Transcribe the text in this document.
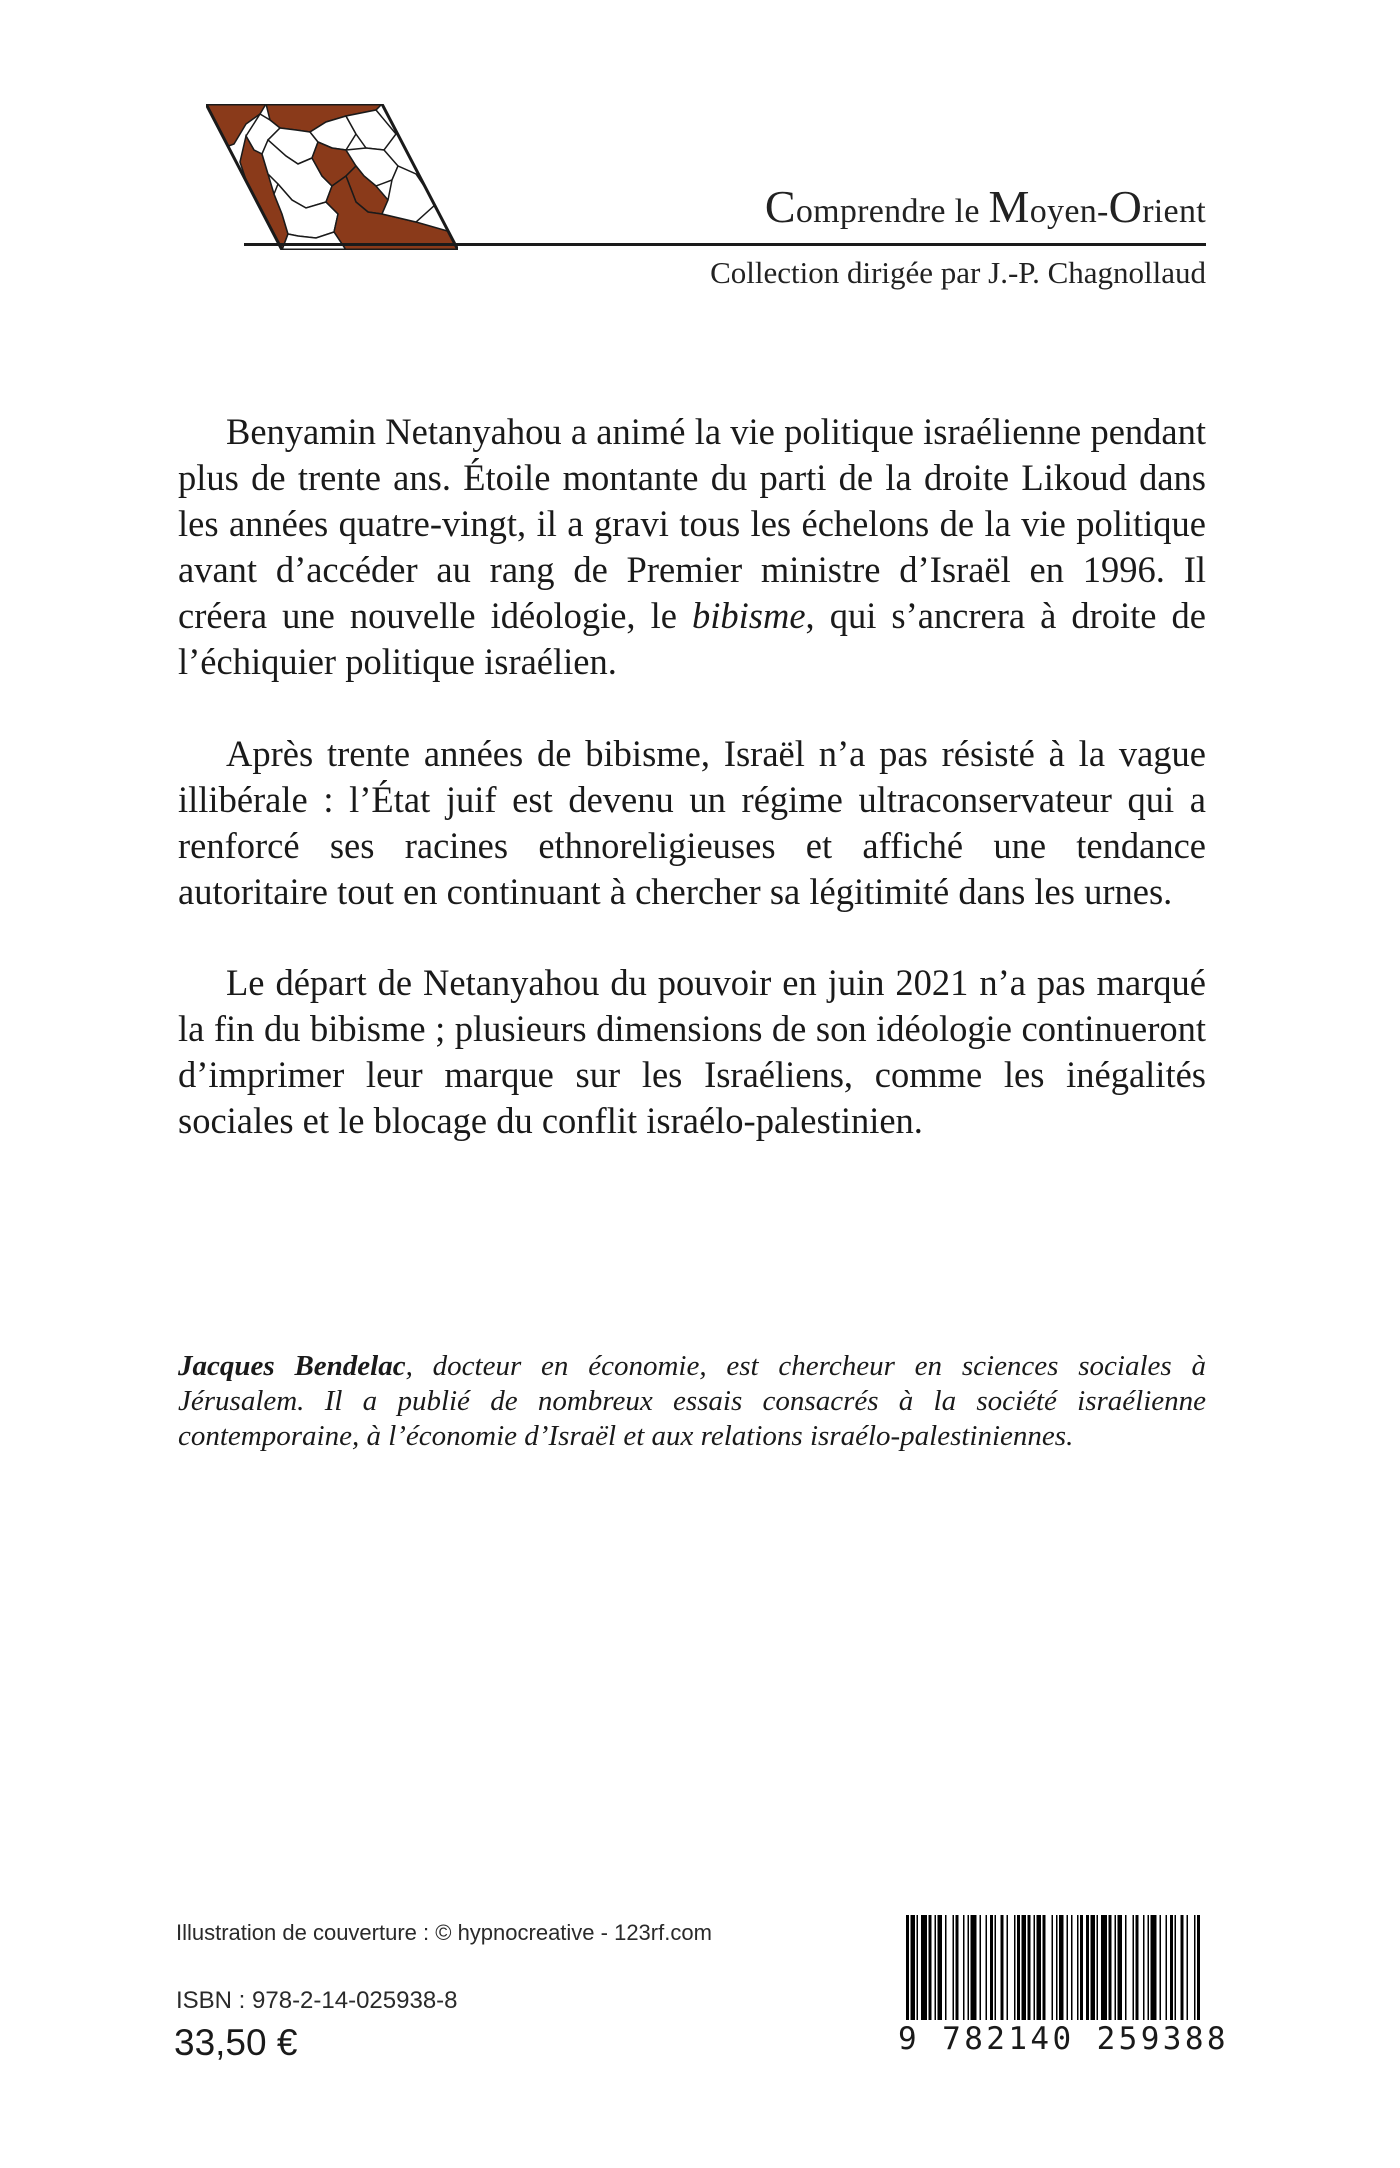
Comprendre le Moyen-Orient
Collection dirigée par J.-P. Chagnollaud

Benyamin Netanyahou a animé la vie politique israélienne pendant plus de trente ans. Étoile montante du parti de la droite Likoud dans les années quatre-vingt, il a gravi tous les échelons de la vie politique avant d’accéder au rang de Premier ministre d’Israël en 1996. Il créera une nouvelle idéologie, le bibisme, qui s’ancrera à droite de l’échiquier politique israélien.

Après trente années de bibisme, Israël n’a pas résisté à la vague illibérale : l’État juif est devenu un régime ultraconservateur qui a renforcé ses racines ethnoreligieuses et affiché une tendance autoritaire tout en continuant à chercher sa légitimité dans les urnes.

Le départ de Netanyahou du pouvoir en juin 2021 n’a pas marqué la fin du bibisme ; plusieurs dimensions de son idéologie continueront d’imprimer leur marque sur les Israéliens, comme les inégalités sociales et le blocage du conflit israélo-palestinien.

Jacques Bendelac, docteur en économie, est chercheur en sciences sociales à Jérusalem. Il a publié de nombreux essais consacrés à la société israélienne contemporaine, à l’économie d’Israël et aux relations israélo-palestiniennes.
Illustration de couverture : © hypnocreative - 123rf.com
ISBN : 978-2-14-025938-8
33,50 €	9 782140 259388
